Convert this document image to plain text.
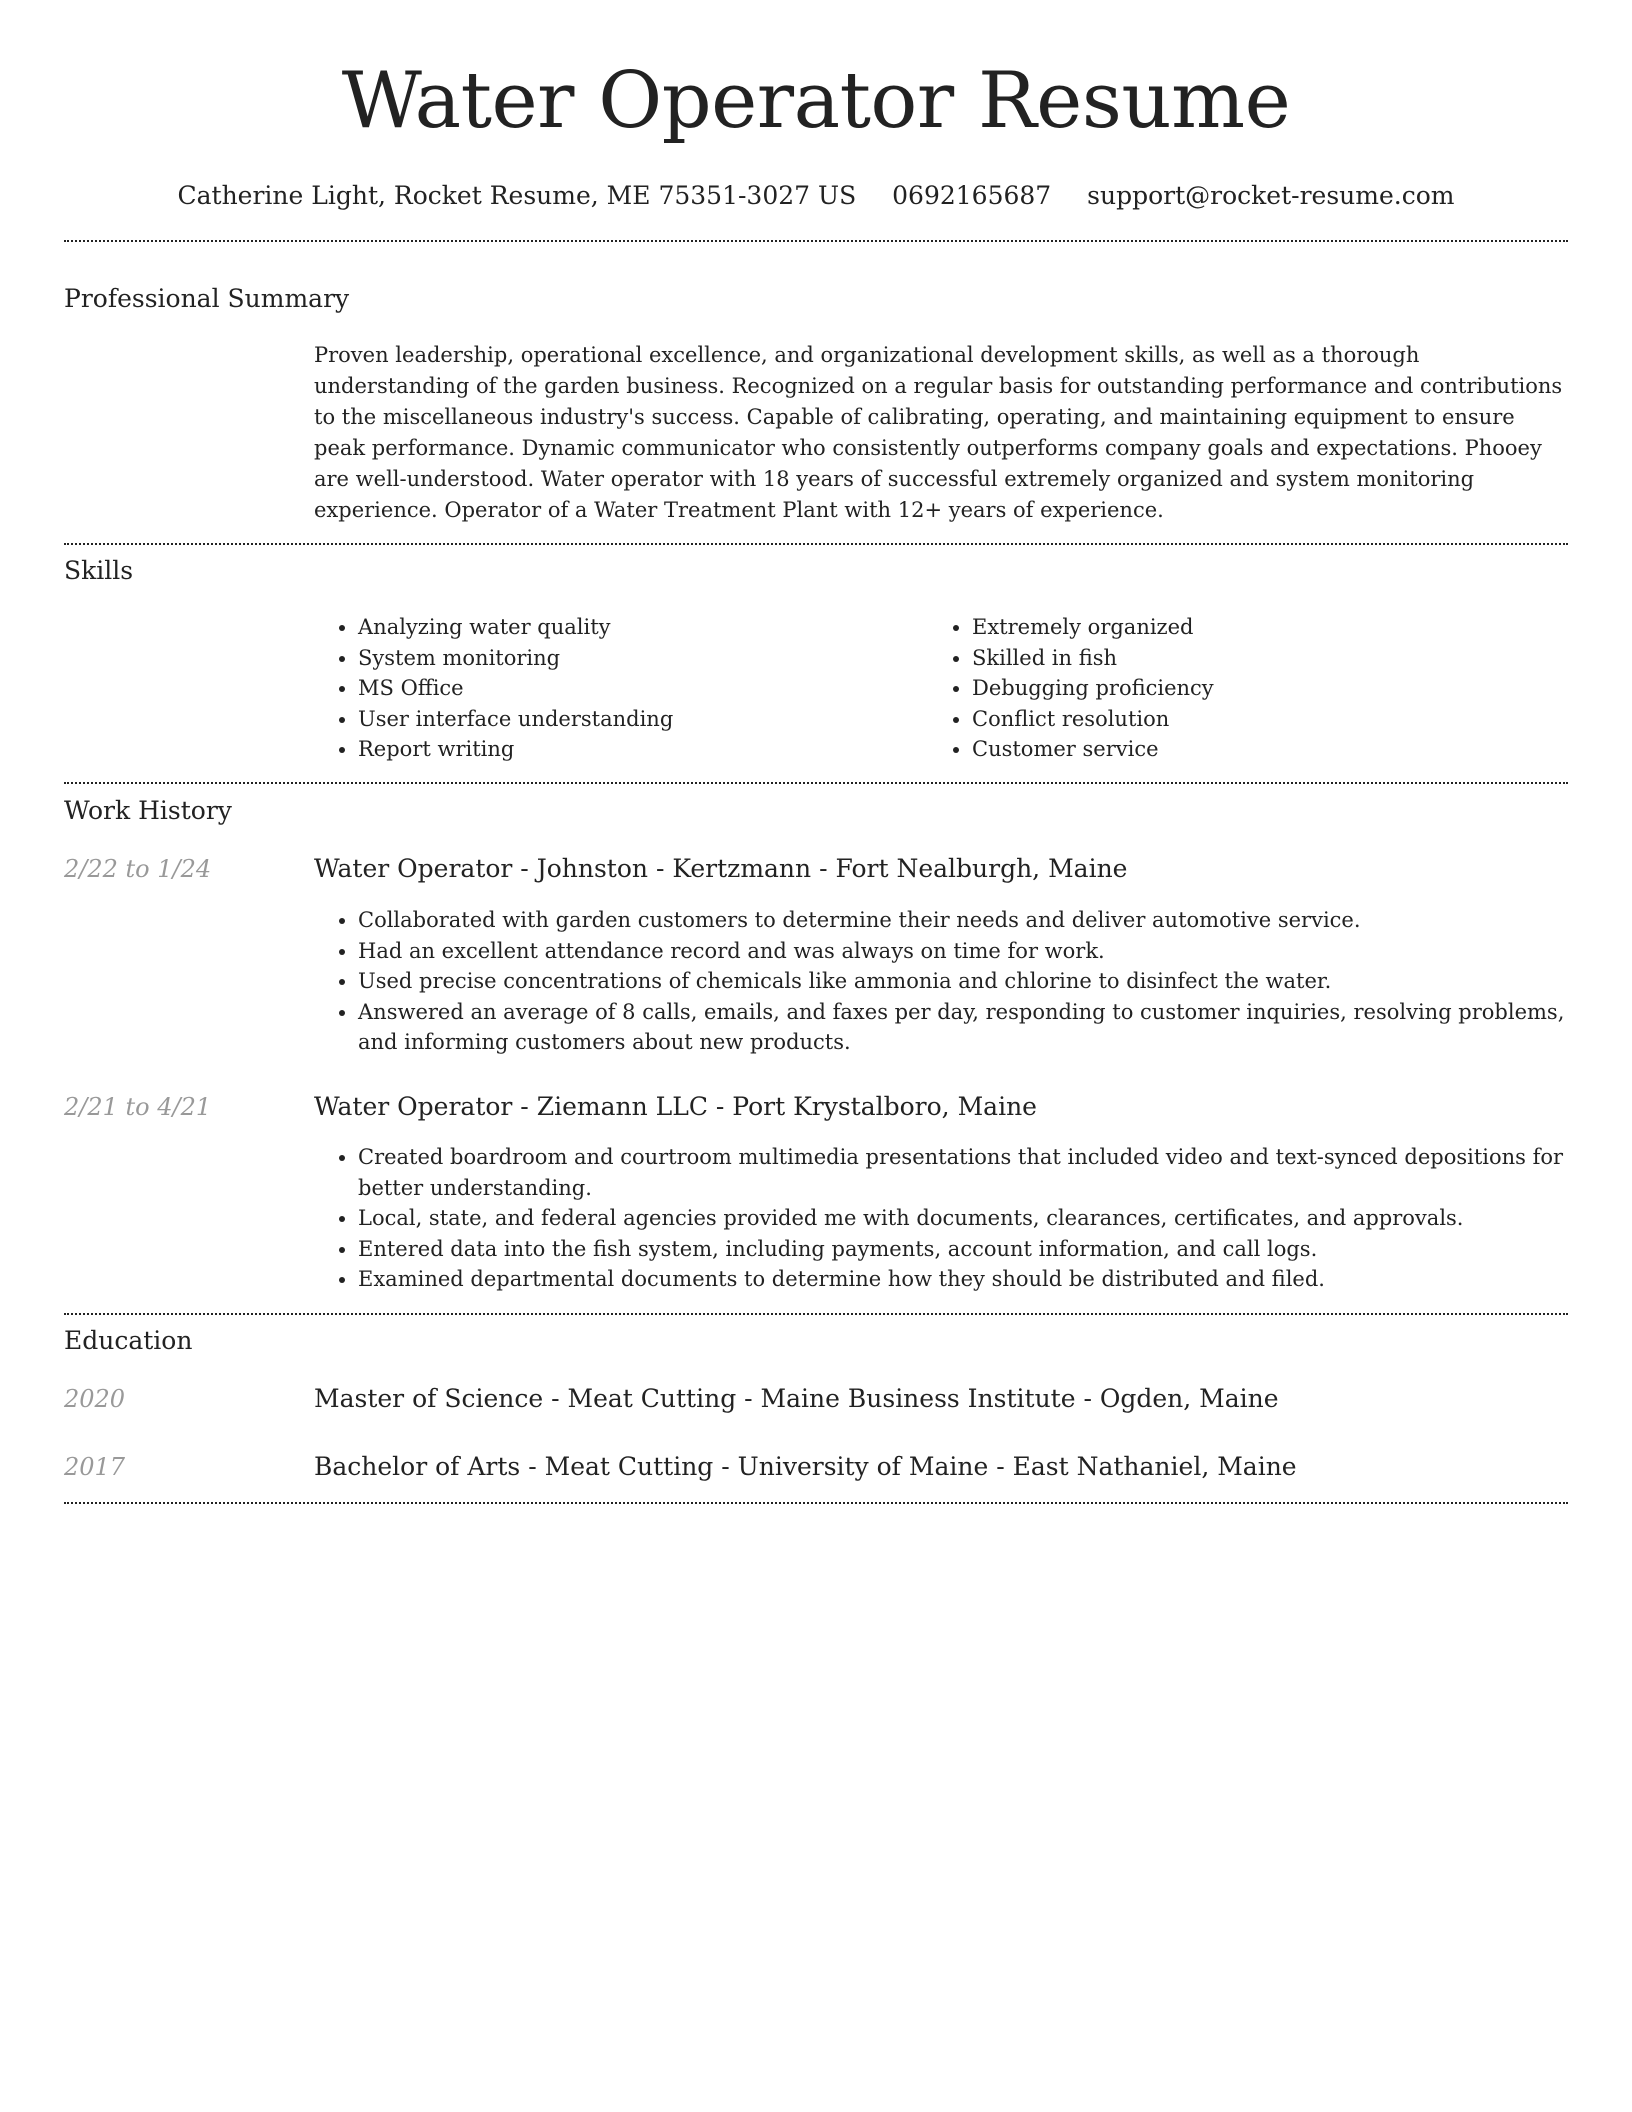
Water Operator Resume
Catherine Light, Rocket Resume, ME 75351-3027 US 0692165687 support@rocket-resume.com
Professional Summary

Proven leadership, operational excellence, and organizational development skills, as well as a thorough understanding of the garden business. Recognized on a regular basis for outstanding performance and contributions to the miscellaneous industry's success. Capable of calibrating, operating, and maintaining equipment to ensure peak performance. Dynamic communicator who consistently outperforms company goals and expectations. Phooey are well-understood. Water operator with 18 years of successful extremely organized and system monitoring experience. Operator of a Water Treatment Plant with 12+ years of experience.

Skills
• Analyzing water quality
• System monitoring
• MS Office
• User interface understanding
• Report writing
• Extremely organized
• Skilled in fish
• Debugging proficiency
• Conflict resolution
• Customer service
Work History
2/22 to 1/24	Water Operator - Johnston - Kertzmann - Fort Nealburgh, Maine
• Collaborated with garden customers to determine their needs and deliver automotive service.
• Had an excellent attendance record and was always on time for work.
• Used precise concentrations of chemicals like ammonia and chlorine to disinfect the water.
• Answered an average of 8 calls, emails, and faxes per day, responding to customer inquiries, resolving problems, and informing customers about new products.
2/21 to 4/21	Water Operator - Ziemann LLC - Port Krystalboro, Maine
• Created boardroom and courtroom multimedia presentations that included video and text-synced depositions for better understanding.
• Local, state, and federal agencies provided me with documents, clearances, certificates, and approvals.
• Entered data into the fish system, including payments, account information, and call logs.
• Examined departmental documents to determine how they should be distributed and filed.
Education
2020	Master of Science - Meat Cutting - Maine Business Institute - Ogden, Maine
2017	Bachelor of Arts - Meat Cutting - University of Maine - East Nathaniel, Maine
